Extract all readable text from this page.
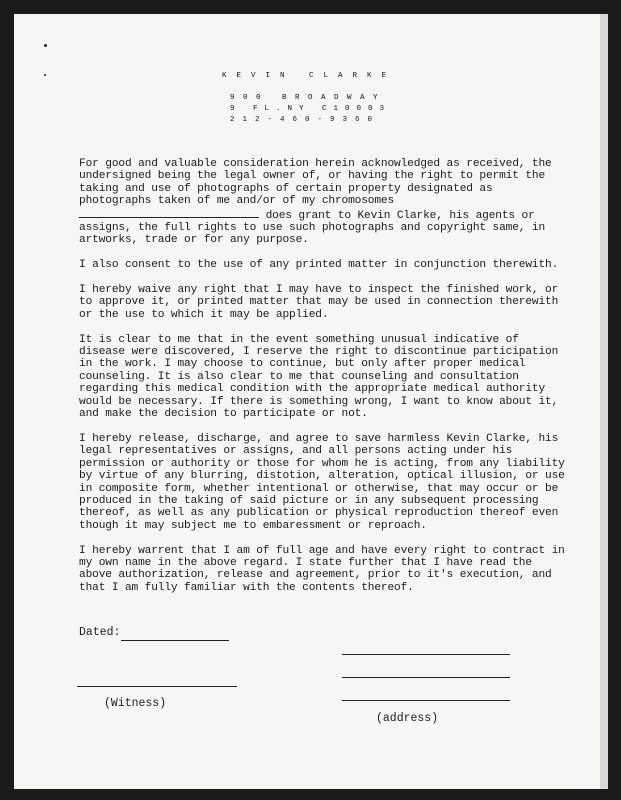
KEVIN CLARKE
900 BROADWAY
9 FL.NY C10003
212-460-9360

For good and valuable consideration herein acknowledged as received, the undersigned being the legal owner of, or having the right to permit the taking and use of photographs of certain property designated as photographs taken of me and/or of my chromosomes

does grant to Kevin Clarke, his agents or assigns, the full rights to use such photographs and copyright same, in artworks, trade or for any purpose.

I also consent to the use of any printed matter in conjunction therewith.

I hereby waive any right that I may have to inspect the finished work, or to approve it, or printed matter that may be used in connection therewith or the use to which it may be applied.

It is clear to me that in the event something unusual indicative of disease were discovered, I reserve the right to discontinue participation in the work. I may choose to continue, but only after proper medical counseling. It is also clear to me that counseling and consultation regarding this medical condition with the appropriate medical authority would be necessary. If there is something wrong, I want to know about it, and make the decision to participate or not.

I hereby release, discharge, and agree to save harmless Kevin Clarke, his legal representatives or assigns, and all persons acting under his permission or authority or those for whom he is acting, from any liability by virtue of any blurring, distotion, alteration, optical illusion, or use in composite form, whether intentional or otherwise, that may occur or be produced in the taking of said picture or in any subsequent processing thereof, as well as any publication or physical reproduction thereof even though it may subject me to embaressment or reproach.

I hereby warrent that I am of full age and have every right to contract in my own name in the above regard. I state further that I have read the above authorization, release and agreement, prior to it's execution, and that I am fully familiar with the contents thereof.

Dated:
(Witness)
(address)
